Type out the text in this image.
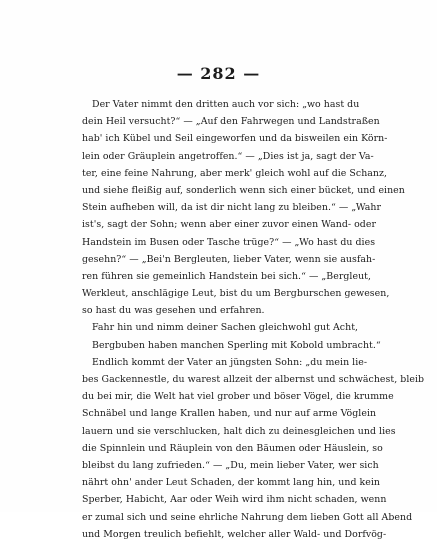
— 282 —
Der Vater nimmt den dritten auch vor sich: „wo hast du
dein Heil versucht?“ — „Auf den Fahrwegen und Landstraßen
hab' ich Kübel und Seil eingeworfen und da bisweilen ein Körn-
lein oder Gräuplein angetroffen.“ — „Dies ist ja, sagt der Va-
ter, eine feine Nahrung, aber merk' gleich wohl auf die Schanz,
und siehe fleißig auf, sonderlich wenn sich einer bücket, und einen
Stein aufheben will, da ist dir nicht lang zu bleiben.“ — „Wahr
ist's, sagt der Sohn; wenn aber einer zuvor einen Wand- oder
Handstein im Busen oder Tasche trüge?“ — „Wo hast du dies
gesehn?“ — „Bei'n Bergleuten, lieber Vater, wenn sie ausfah-
ren führen sie gemeinlich Handstein bei sich.“ — „Bergleut,
Werkleut, anschlägige Leut, bist du um Bergburschen gewesen,
so hast du was gesehen und erfahren.
Fahr hin und nimm deiner Sachen gleichwohl gut Acht,
Bergbuben haben manchen Sperling mit Kobold umbracht.“
Endlich kommt der Vater an jüngsten Sohn: „du mein lie-
bes Gackennestle, du warest allzeit der albernst und schwächest, bleib
du bei mir, die Welt hat viel grober und böser Vögel, die krumme
Schnäbel und lange Krallen haben, und nur auf arme Vöglein
lauern und sie verschlucken, halt dich zu deinesgleichen und lies
die Spinnlein und Räuplein von den Bäumen oder Häuslein, so
bleibst du lang zufrieden.“ — „Du, mein lieber Vater, wer sich
nährt ohn' ander Leut Schaden, der kommt lang hin, und kein
Sperber, Habicht, Aar oder Weih wird ihm nicht schaden, wenn
er zumal sich und seine ehrliche Nahrung dem lieben Gott all Abend
und Morgen treulich befiehlt, welcher aller Wald- und Dorfvög-
